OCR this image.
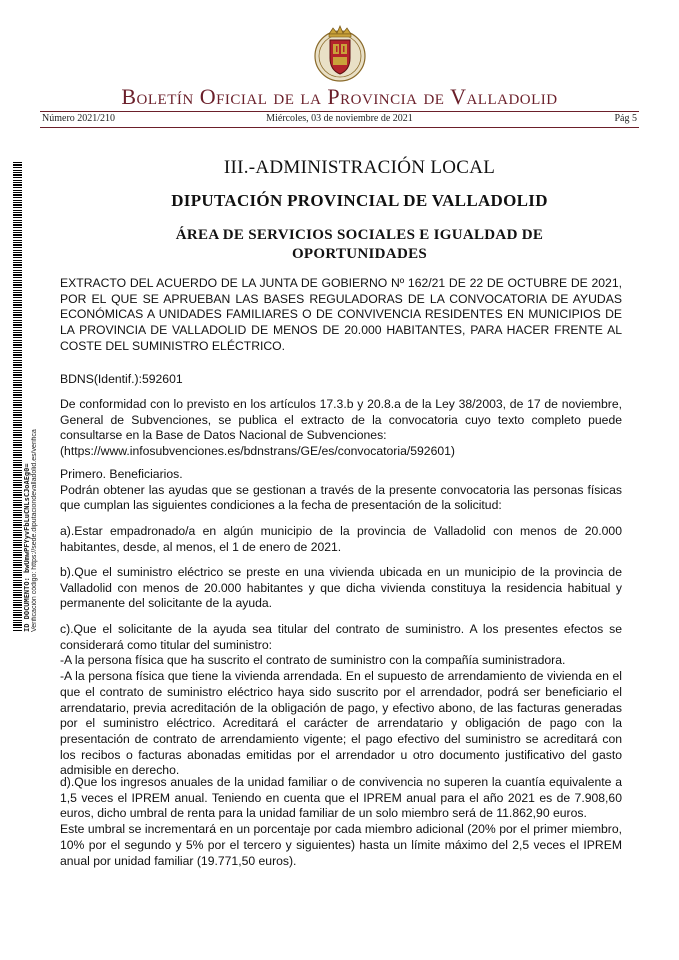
Boletín Oficial de la Provincia de Valladolid
Número 2021/210	Miércoles, 03 de noviembre de 2021	Pág 5
ID DOCUMENTO: bwUmwPFYyvFbLuCNLsCJoAEg0= Verificación código: https://sede.diputaciondevalladolid.es/verifica
III.-ADMINISTRACIÓN LOCAL
DIPUTACIÓN PROVINCIAL DE VALLADOLID
ÁREA DE SERVICIOS SOCIALES E IGUALDAD DE OPORTUNIDADES

EXTRACTO DEL ACUERDO DE LA JUNTA DE GOBIERNO Nº 162/21 DE 22 DE OCTUBRE DE 2021, POR EL QUE SE APRUEBAN LAS BASES REGULADORAS DE LA CONVOCATORIA DE AYUDAS ECONÓMICAS A UNIDADES FAMILIARES O DE CONVIVENCIA RESIDENTES EN MUNICIPIOS DE LA PROVINCIA DE VALLADOLID DE MENOS DE 20.000 HABITANTES, PARA HACER FRENTE AL COSTE DEL SUMINISTRO ELÉCTRICO.

BDNS(Identif.):592601

De conformidad con lo previsto en los artículos 17.3.b y 20.8.a de la Ley 38/2003, de 17 de noviembre, General de Subvenciones, se publica el extracto de la convocatoria cuyo texto completo puede consultarse en la Base de Datos Nacional de Subvenciones:

(https://www.infosubvenciones.es/bdnstrans/GE/es/convocatoria/592601)

Primero. Beneficiarios.

Podrán obtener las ayudas que se gestionan a través de la presente convocatoria las personas físicas que cumplan las siguientes condiciones a la fecha de presentación de la solicitud:

a).Estar empadronado/a en algún municipio de la provincia de Valladolid con menos de 20.000 habitantes, desde, al menos, el 1 de enero de 2021.

b).Que el suministro eléctrico se preste en una vivienda ubicada en un municipio de la provincia de Valladolid con menos de 20.000 habitantes y que dicha vivienda constituya la residencia habitual y permanente del solicitante de la ayuda.

c).Que el solicitante de la ayuda sea titular del contrato de suministro. A los presentes efectos se considerará como titular del suministro:

-A la persona física que ha suscrito el contrato de suministro con la compañía suministradora.

-A la persona física que tiene la vivienda arrendada. En el supuesto de arrendamiento de vivienda en el que el contrato de suministro eléctrico haya sido suscrito por el arrendador, podrá ser beneficiario el arrendatario, previa acreditación de la obligación de pago, y efectivo abono, de las facturas generadas por el suministro eléctrico. Acreditará el carácter de arrendatario y obligación de pago con la presentación de contrato de arrendamiento vigente; el pago efectivo del suministro se acreditará con los recibos o facturas abonadas emitidas por el arrendador u otro documento justificativo del gasto admisible en derecho.

d).Que los ingresos anuales de la unidad familiar o de convivencia no superen la cuantía equivalente a 1,5 veces el IPREM anual. Teniendo en cuenta que el IPREM anual para el año 2021 es de 7.908,60 euros, dicho umbral de renta para la unidad familiar de un solo miembro será de 11.862,90 euros.

Este umbral se incrementará en un porcentaje por cada miembro adicional (20% por el primer miembro, 10% por el segundo y 5% por el tercero y siguientes) hasta un límite máximo del 2,5 veces el IPREM anual por unidad familiar (19.771,50 euros).
